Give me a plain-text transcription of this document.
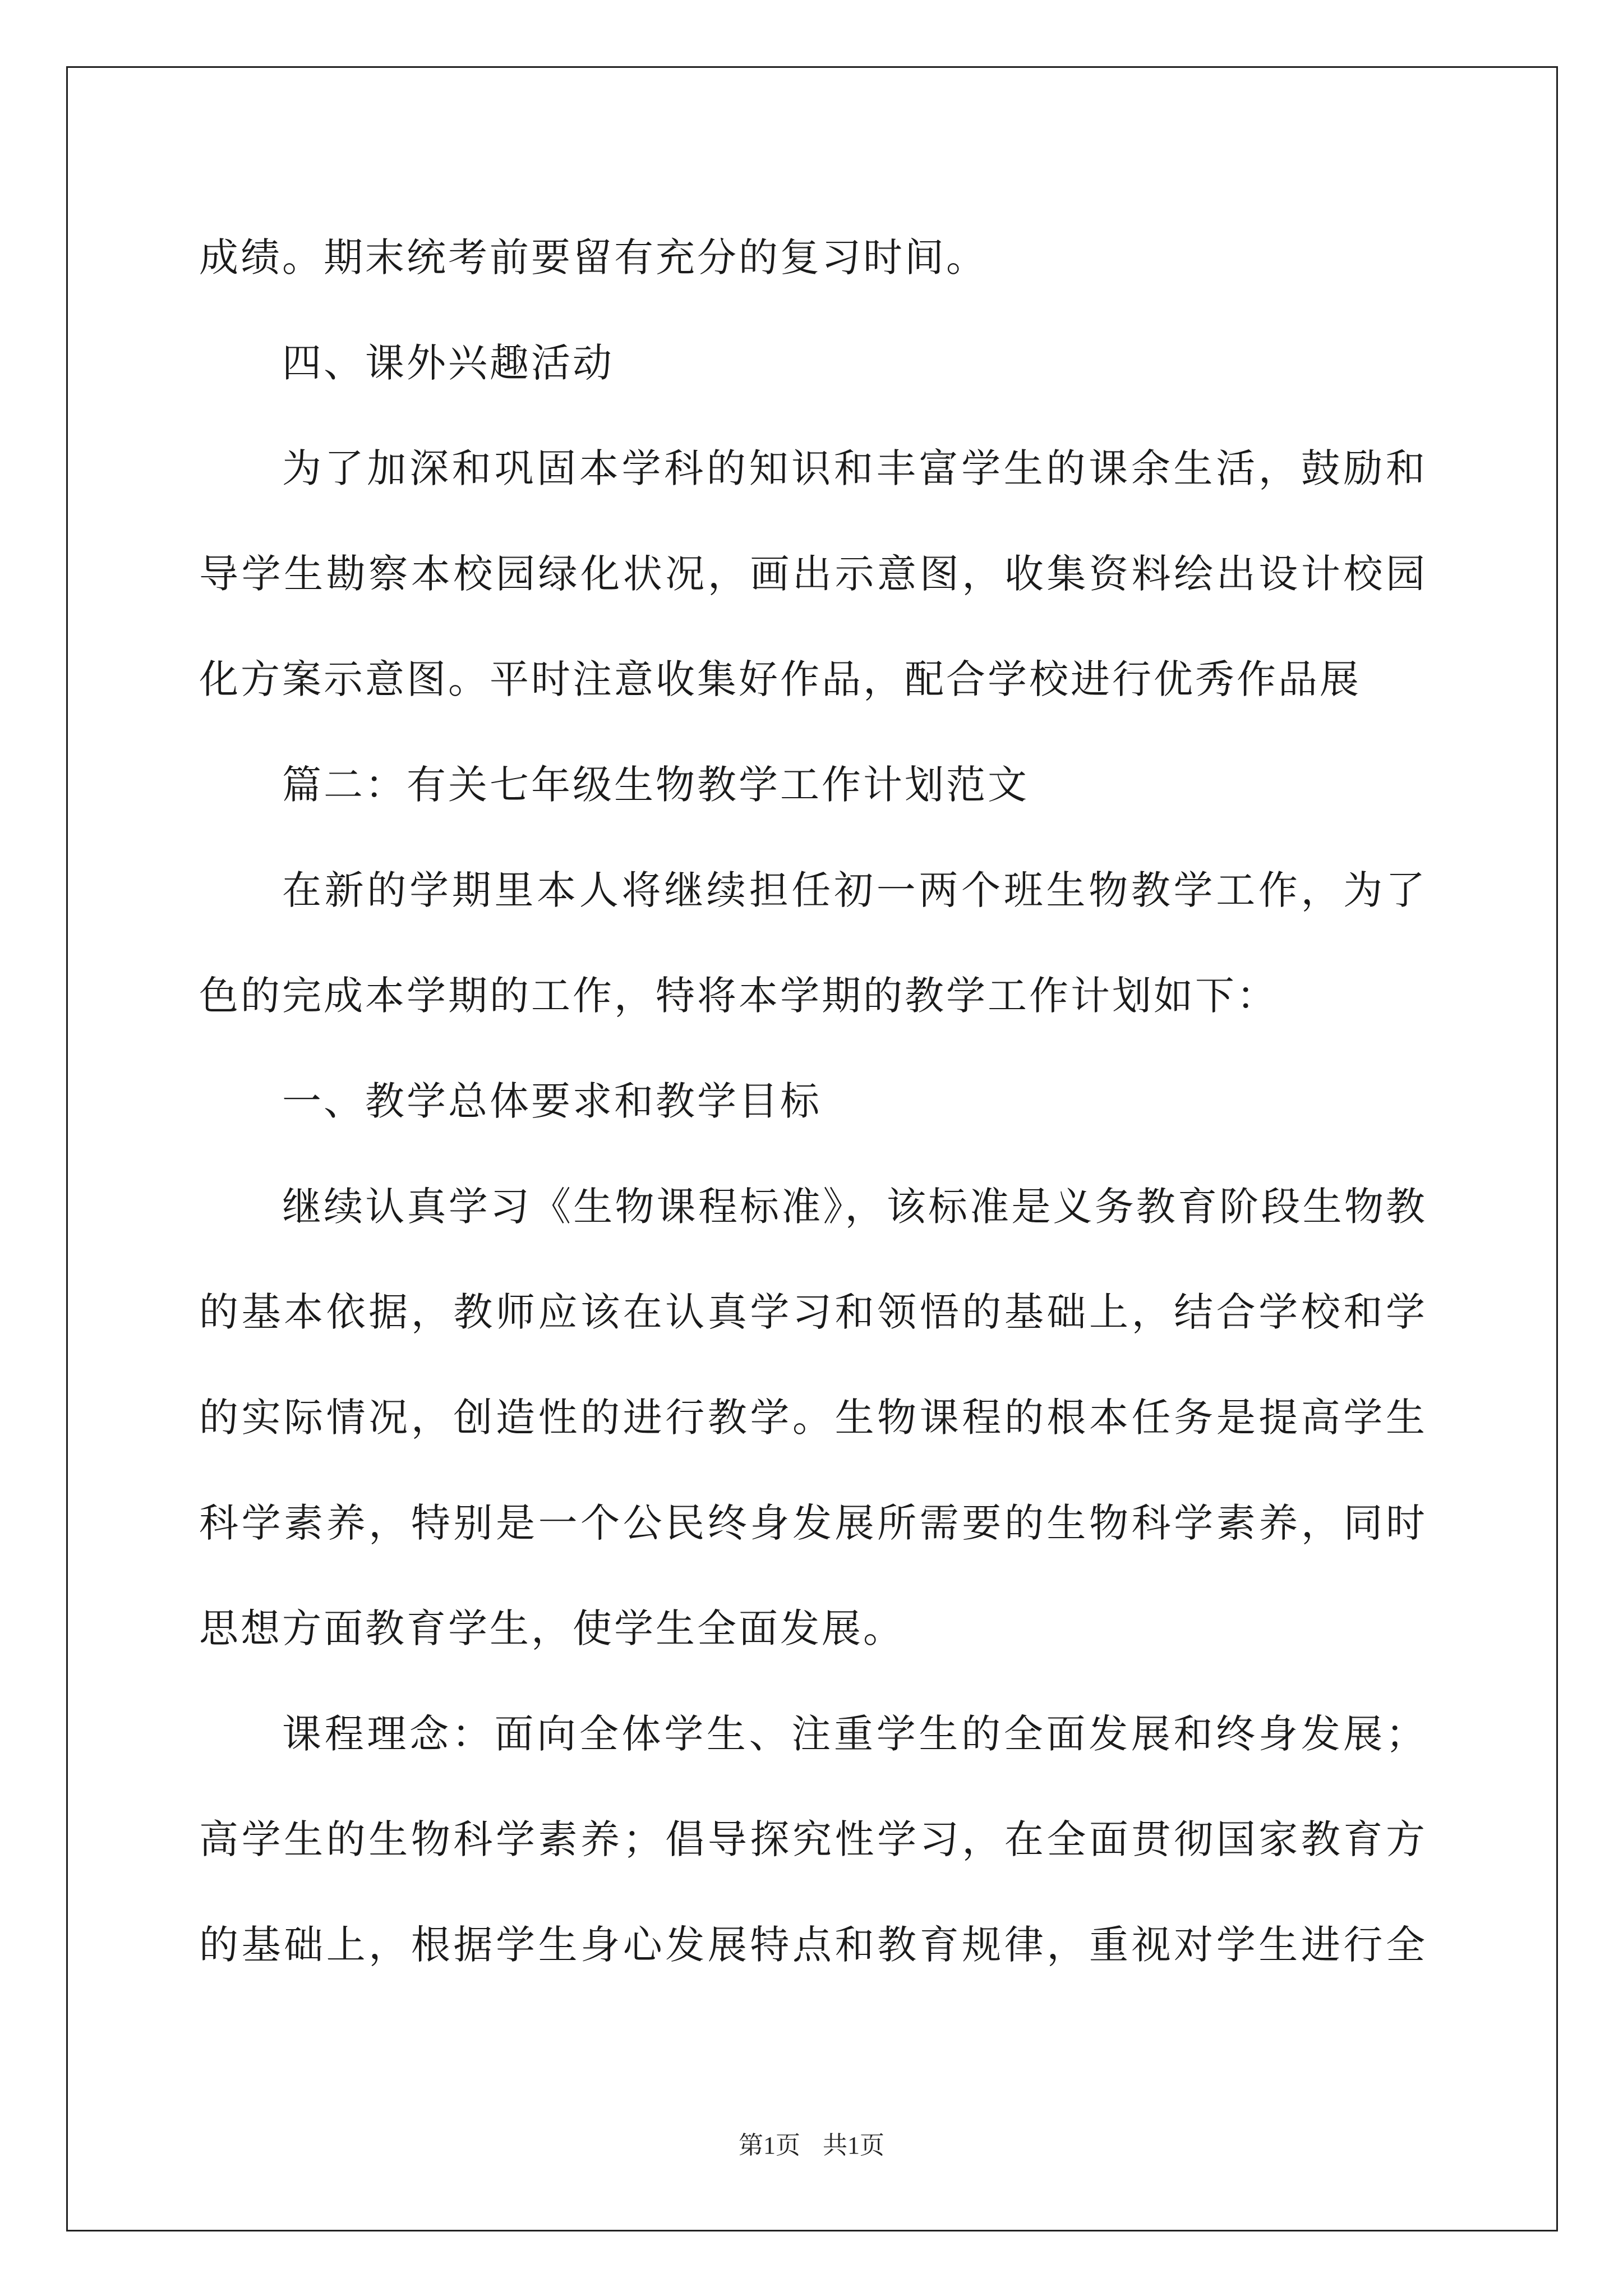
成绩。期末统考前要留有充分的复习时间。
四、课外兴趣活动
为了加深和巩固本学科的知识和丰富学生的课余生活，鼓励和
导学生勘察本校园绿化状况，画出示意图，收集资料绘出设计校园
化方案示意图。平时注意收集好作品，配合学校进行优秀作品展
篇二：有关七年级生物教学工作计划范文
在新的学期里本人将继续担任初一两个班生物教学工作，为了
色的完成本学期的工作，特将本学期的教学工作计划如下：
一、教学总体要求和教学目标
继续认真学习《生物课程标准》，该标准是义务教育阶段生物教
的基本依据，教师应该在认真学习和领悟的基础上，结合学校和学
的实际情况，创造性的进行教学。生物课程的根本任务是提高学生
科学素养，特别是一个公民终身发展所需要的生物科学素养，同时
思想方面教育学生，使学生全面发展。
课程理念：面向全体学生、注重学生的全面发展和终身发展；
高学生的生物科学素养；倡导探究性学习，在全面贯彻国家教育方
的基础上，根据学生身心发展特点和教育规律，重视对学生进行全
第1页 共1页
